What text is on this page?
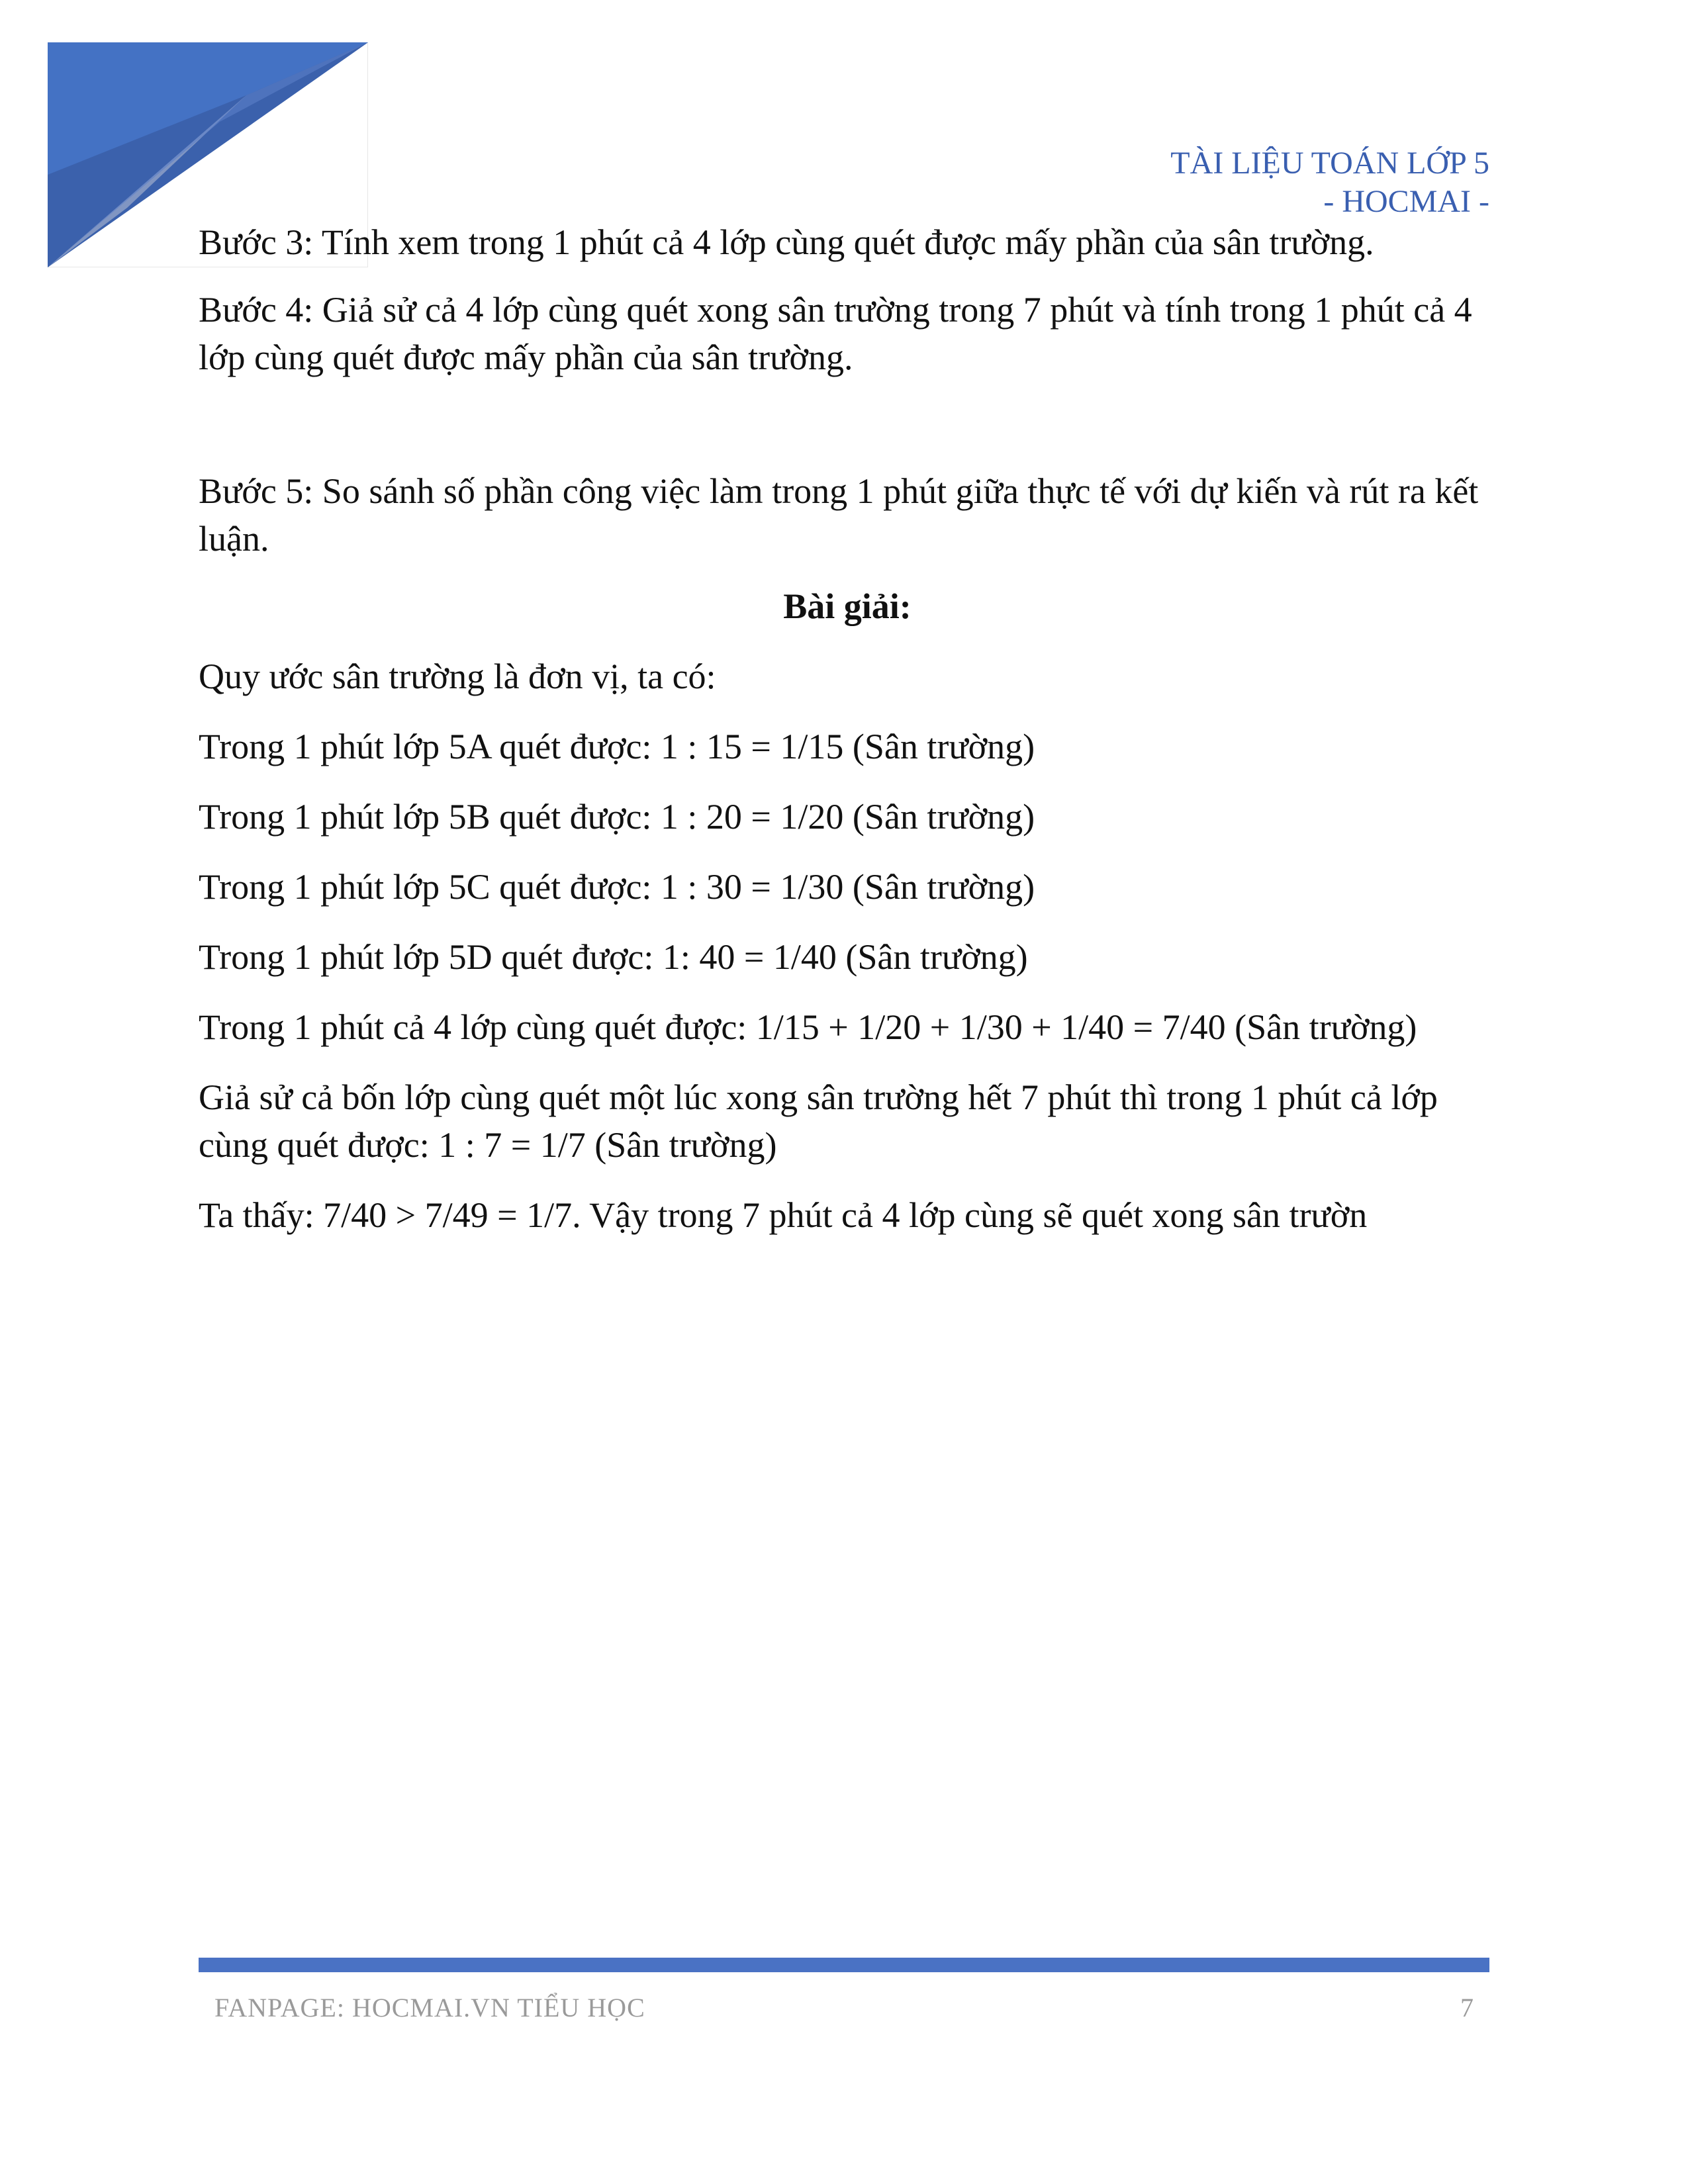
TÀI LIỆU TOÁN LỚP 5
- HOCMAI -

Bước 3: Tính xem trong 1 phút cả 4 lớp cùng quét được mấy phần của sân trường.

Bước 4: Giả sử cả 4 lớp cùng quét xong sân trường trong 7 phút và tính trong 1 phút cả 4 lớp cùng quét được mấy phần của sân trường.

Bước 5: So sánh số phần công việc làm trong 1 phút giữa thực tế với dự kiến và rút ra kết luận.

Bài giải:

Quy ước sân trường là đơn vị, ta có:

Trong 1 phút lớp 5A quét được: 1 : 15 = 1/15 (Sân trường)

Trong 1 phút lớp 5B quét được: 1 : 20 = 1/20 (Sân trường)

Trong 1 phút lớp 5C quét được: 1 : 30 = 1/30 (Sân trường)

Trong 1 phút lớp 5D quét được: 1: 40 = 1/40 (Sân trường)

Trong 1 phút cả 4 lớp cùng quét được: 1/15 + 1/20 + 1/30 + 1/40 = 7/40 (Sân trường)

Giả sử cả bốn lớp cùng quét một lúc xong sân trường hết 7 phút thì trong 1 phút cả lớp cùng quét được: 1 : 7 = 1/7 (Sân trường)

Ta thấy: 7/40 > 7/49 = 1/7. Vậy trong 7 phút cả 4 lớp cùng sẽ quét xong sân trườn

FANPAGE: HOCMAI.VN TIỂU HỌC	7
